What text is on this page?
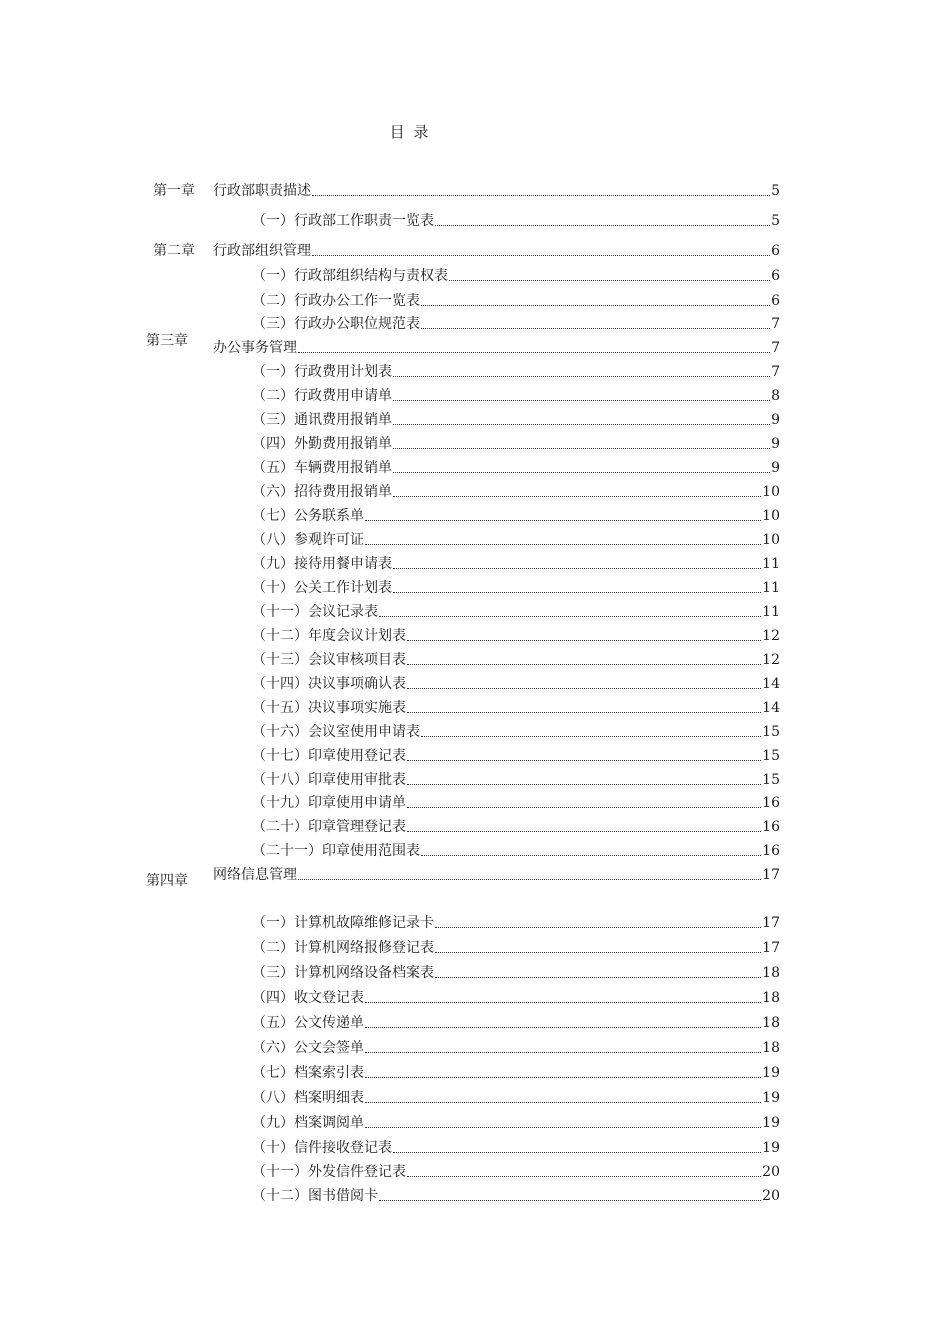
目 录
第一章 行政部职责描述	5
（一）行政部工作职责一览表	5
第二章 行政部组织管理	6
（一）行政部组织结构与责权表	6
（二）行政办公工作一览表	6
（三）行政办公职位规范表	7
第三章 办公事务管理	7
（一）行政费用计划表	7
（二）行政费用申请单	8
（三）通讯费用报销单	9
（四）外勤费用报销单	9
（五）车辆费用报销单	9
（六）招待费用报销单	10
（七）公务联系单	10
（八）参观许可证	10
（九）接待用餐申请表	11
（十）公关工作计划表	11
（十一）会议记录表	11
（十二）年度会议计划表	12
（十三）会议审核项目表	12
（十四）决议事项确认表	14
（十五）决议事项实施表	14
（十六）会议室使用申请表	15
（十七）印章使用登记表	15
（十八）印章使用审批表	15
（十九）印章使用申请单	16
（二十）印章管理登记表	16
（二十一）印章使用范围表	16
第四章 网络信息管理	17
（一）计算机故障维修记录卡	17
（二）计算机网络报修登记表	17
（三）计算机网络设备档案表	18
（四）收文登记表	18
（五）公文传递单	18
（六）公文会签单	18
（七）档案索引表	19
（八）档案明细表	19
（九）档案调阅单	19
（十）信件接收登记表	19
（十一）外发信件登记表	20
（十二）图书借阅卡	20
